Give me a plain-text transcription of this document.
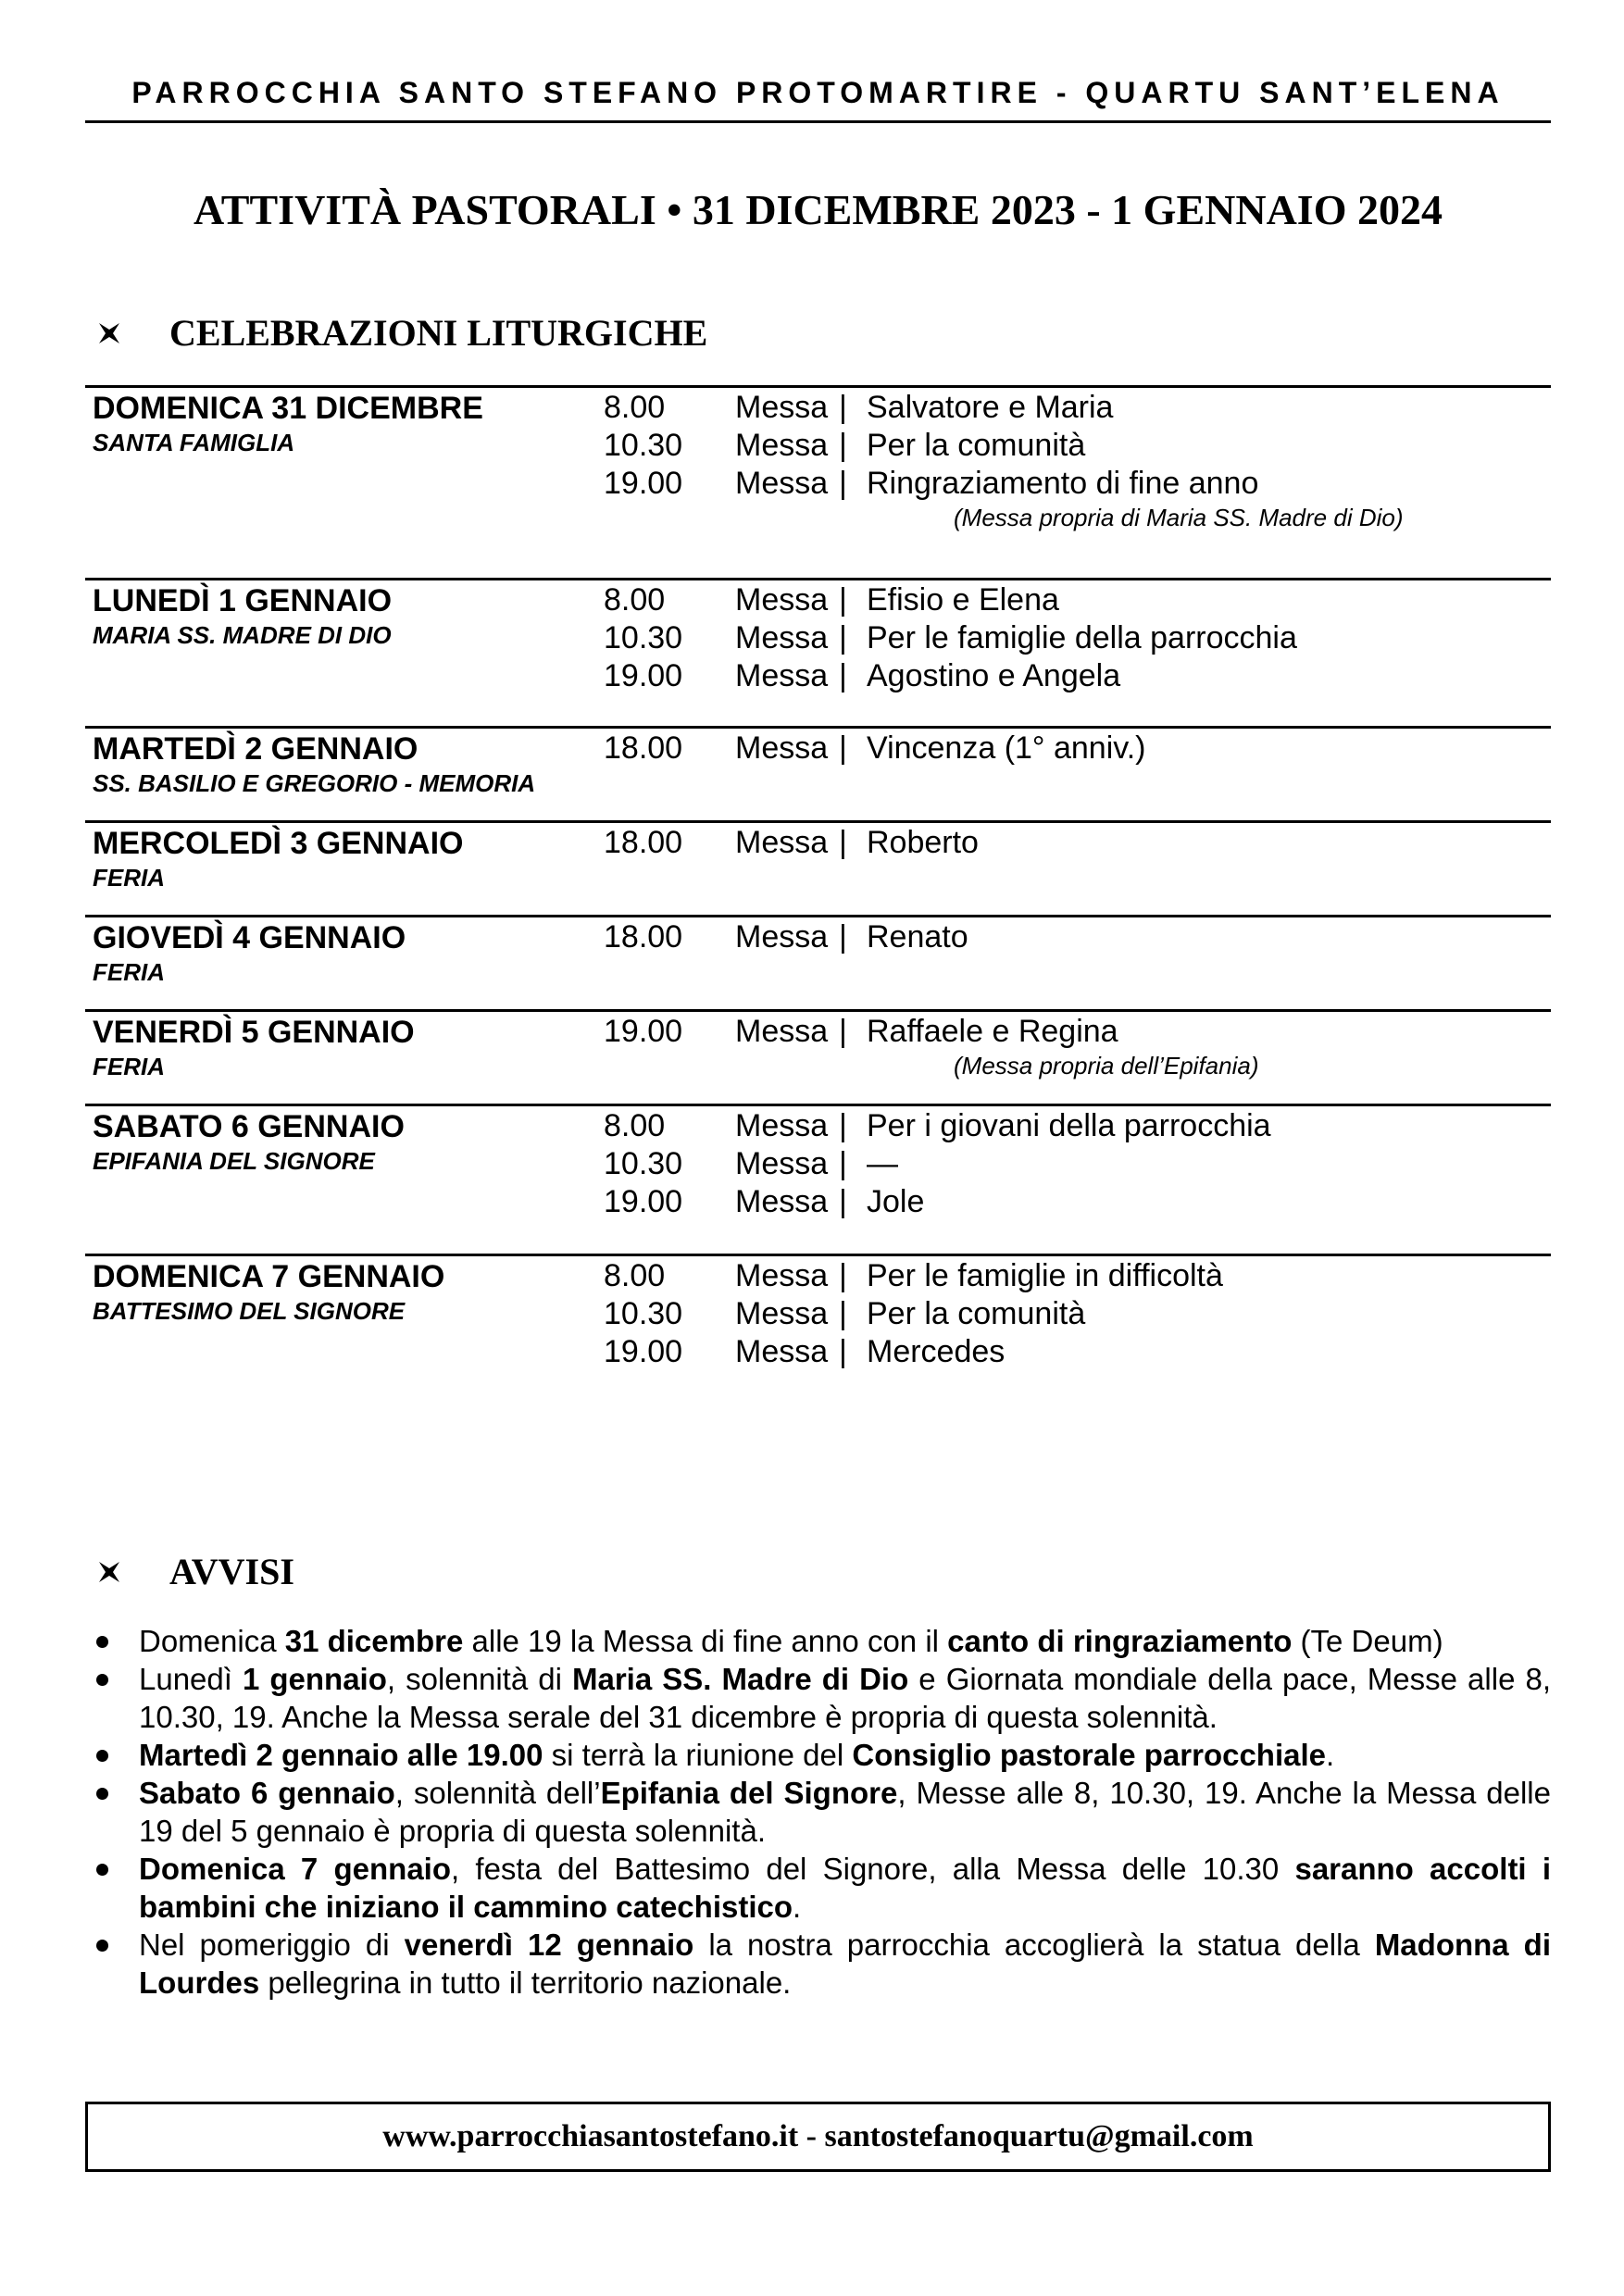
PARROCCHIA SANTO STEFANO PROTOMARTIRE - QUARTU SANT’ELENA
ATTIVITÀ PASTORALI • 31 DICEMBRE 2023 - 1 GENNAIO 2024
CELEBRAZIONI LITURGICHE
DOMENICA 31 DICEMBRE
SANTA FAMIGLIA
8.00 Messa | Salvatore e Maria
10.30 Messa | Per la comunità
19.00 Messa | Ringraziamento di fine anno
(Messa propria di Maria SS. Madre di Dio)
LUNEDÌ 1 GENNAIO
MARIA SS. MADRE DI DIO
8.00 Messa | Efisio e Elena
10.30 Messa | Per le famiglie della parrocchia
19.00 Messa | Agostino e Angela
MARTEDÌ 2 GENNAIO
SS. BASILIO E GREGORIO - MEMORIA
18.00 Messa | Vincenza (1° anniv.)
MERCOLEDÌ 3 GENNAIO
FERIA
18.00 Messa | Roberto
GIOVEDÌ 4 GENNAIO
FERIA
18.00 Messa | Renato
VENERDÌ 5 GENNAIO
FERIA
19.00 Messa | Raffaele e Regina
(Messa propria dell’Epifania)
SABATO 6 GENNAIO
EPIFANIA DEL SIGNORE
8.00 Messa | Per i giovani della parrocchia
10.30 Messa | —
19.00 Messa | Jole
DOMENICA 7 GENNAIO
BATTESIMO DEL SIGNORE
8.00 Messa | Per le famiglie in difficoltà
10.30 Messa | Per la comunità
19.00 Messa | Mercedes
AVVISI
Domenica 31 dicembre alle 19 la Messa di fine anno con il canto di ringraziamento (Te Deum)
Lunedì 1 gennaio, solennità di Maria SS. Madre di Dio e Giornata mondiale della pace, Messe alle 8, 10.30, 19. Anche la Messa serale del 31 dicembre è propria di questa solennità.
Martedì 2 gennaio alle 19.00 si terrà la riunione del Consiglio pastorale parrocchiale.
Sabato 6 gennaio, solennità dell’Epifania del Signore, Messe alle 8, 10.30, 19. Anche la Messa delle 19 del 5 gennaio è propria di questa solennità.
Domenica 7 gennaio, festa del Battesimo del Signore, alla Messa delle 10.30 saranno accolti i bambini che iniziano il cammino catechistico.
Nel pomeriggio di venerdì 12 gennaio la nostra parrocchia accoglierà la statua della Madonna di Lourdes pellegrina in tutto il territorio nazionale.
www.parrocchiasantostefano.it - santostefanoquartu@gmail.com
